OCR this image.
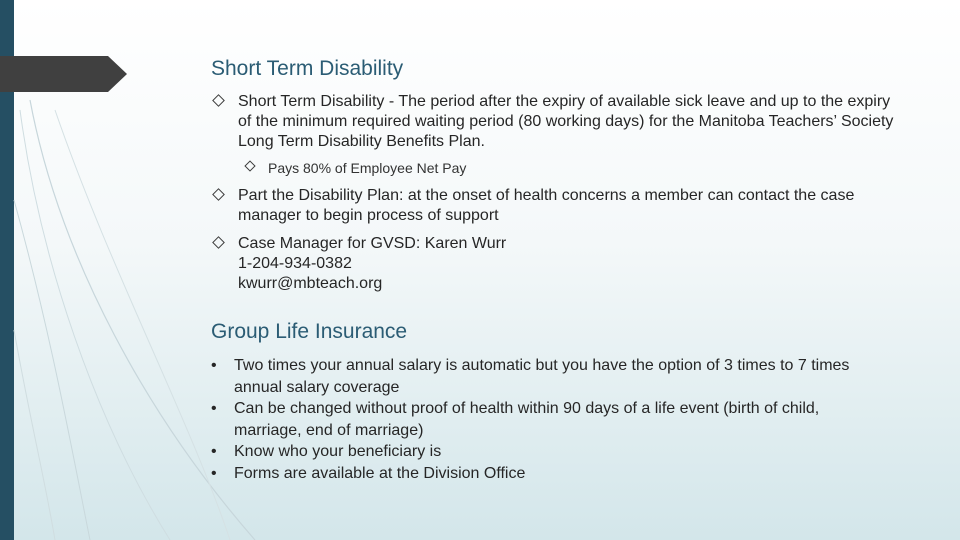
Short Term Disability
Short Term Disability - The period after the expiry of available sick leave and up to the expiry of the minimum required waiting period (80 working days) for the Manitoba Teachers’ Society Long Term Disability Benefits Plan.
Pays 80% of Employee Net Pay
Part the Disability Plan: at the onset of health concerns a member can contact the case manager to begin process of support
Case Manager for GVSD: Karen Wurr
1-204-934-0382
kwurr@mbteach.org
Group Life Insurance
• Two times your annual salary is automatic but you have the option of 3 times to 7 times annual salary coverage
• Can be changed without proof of health within 90 days of a life event (birth of child, marriage, end of marriage)
• Know who your beneficiary is
• Forms are available at the Division Office
